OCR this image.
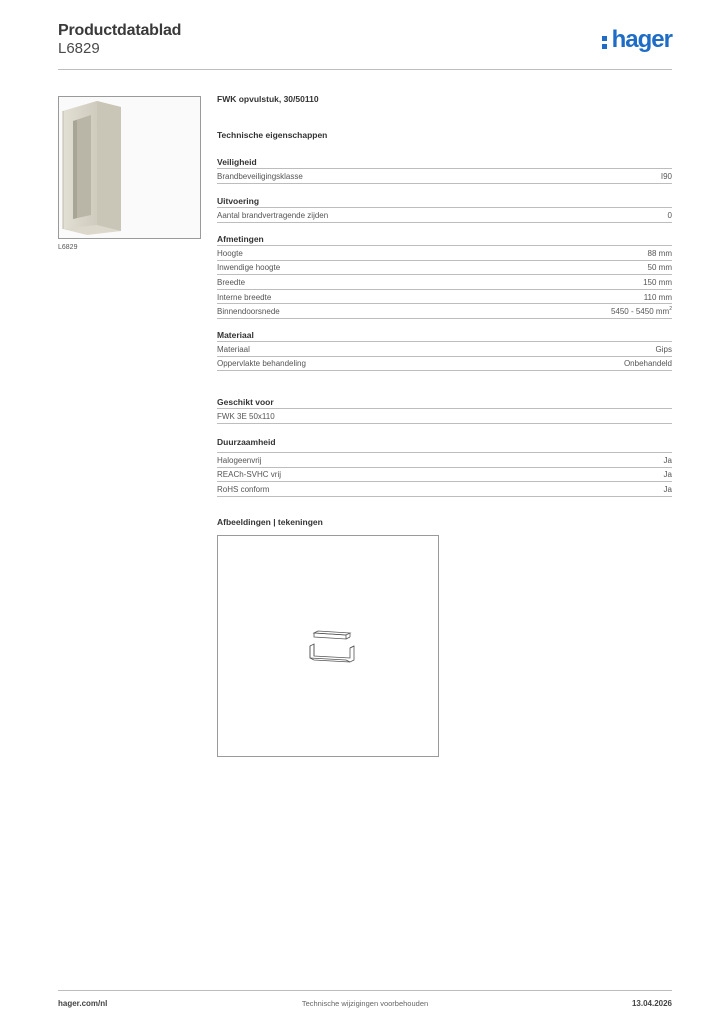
Productdatablad
L6829	hager
L6829
FWK opvulstuk, 30/50110
Technische eigenschappen
Veiligheid
Brandbeveiligingsklasse	I90
Uitvoering
Aantal brandvertragende zijden	0
Afmetingen
Hoogte	88 mm
Inwendige hoogte	50 mm
Breedte	150 mm
Interne breedte	110 mm
Binnendoorsnede	5450 - 5450 $mm^2$
Materiaal
Materiaal	Gips
Oppervlakte behandeling	Onbehandeld
Geschikt voor
FWK 3E 50x110
Duurzaamheid
Halogeenvrij	Ja
REACh-SVHC vrij	Ja
RoHS conform	Ja
Afbeeldingen | tekeningen
hager.com/nl	Technische wijzigingen voorbehouden	13.04.2026
